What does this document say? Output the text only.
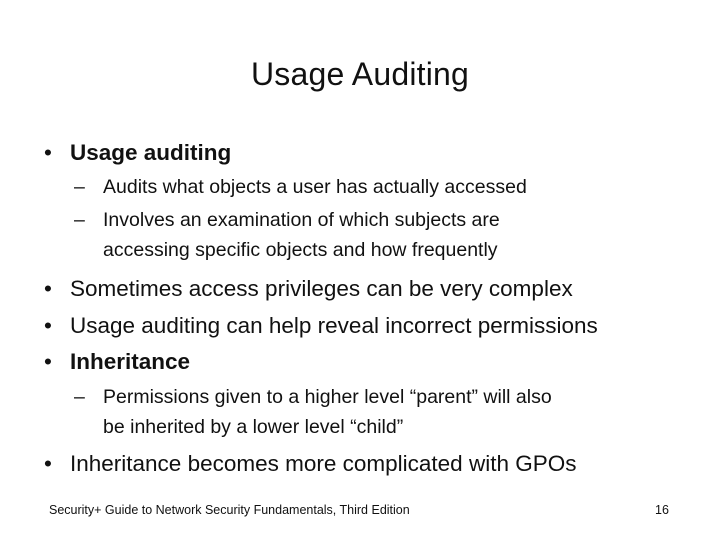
Usage Auditing
• Usage auditing
– Audits what objects a user has actually accessed
– Involves an examination of which subjects are
accessing specific objects and how frequently
• Sometimes access privileges can be very complex
• Usage auditing can help reveal incorrect permissions
• Inheritance
– Permissions given to a higher level “parent” will also
be inherited by a lower level “child”
• Inheritance becomes more complicated with GPOs
Security+ Guide to Network Security Fundamentals, Third Edition	16
